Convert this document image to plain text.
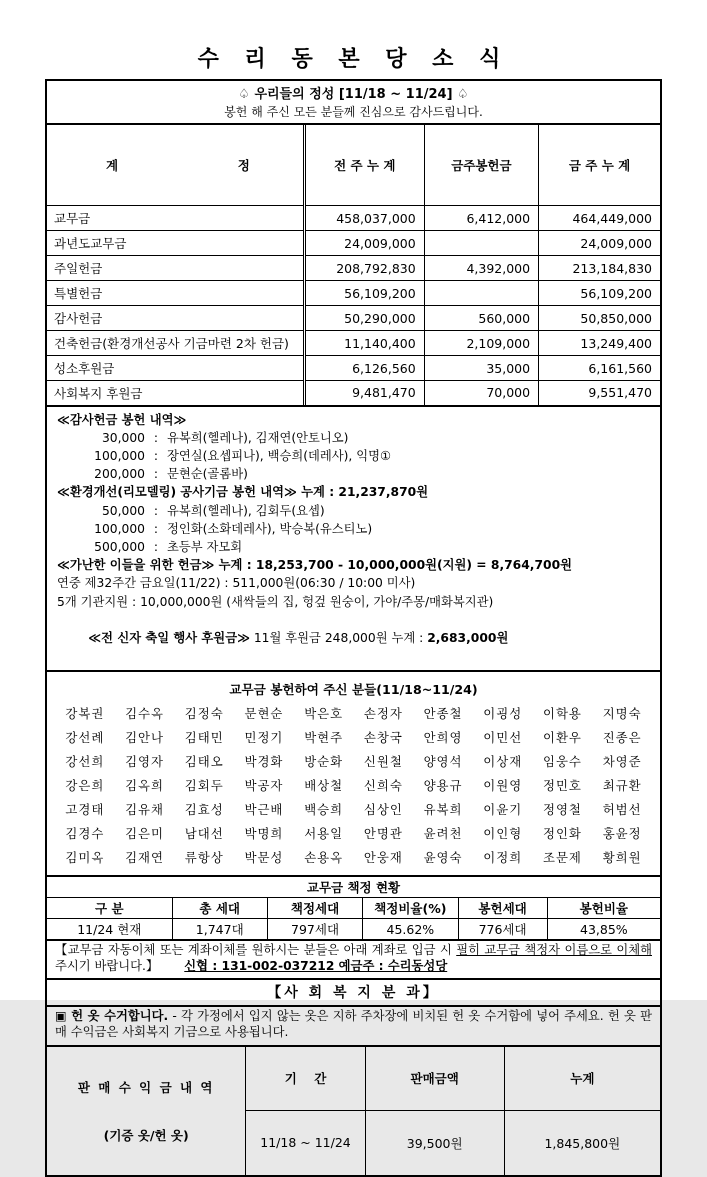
수 리 동 본 당 소 식
♤ 우리들의 정성 [11/18 ~ 11/24] ♤
봉헌 해 주신 모든 분들께 진심으로 감사드립니다.

계 정	전 주 누 계	금주봉헌금	금 주 누 계
교무금	458,037,000	6,412,000	464,449,000
과년도교무금	24,009,000		24,009,000
주일헌금	208,792,830	4,392,000	213,184,830
특별헌금	56,109,200		56,109,200
감사헌금	50,290,000	560,000	50,850,000
건축헌금(환경개선공사 기금마련 2차 헌금)	11,140,400	2,109,000	13,249,400
성소후원금	6,126,560	35,000	6,161,560
사회복지 후원금	9,481,470	70,000	9,551,470
≪감사헌금 봉헌 내역≫
30,000 : 유복희(헬레나), 김재연(안토니오)
100,000 : 장연실(요셉피나), 백승희(데레사), 익명①
200,000 : 문현순(골롬바)
≪환경개선(리모델링) 공사기금 봉헌 내역≫ 누계 : 21,237,870원
50,000 : 유복희(헬레나), 김회두(요셉)
100,000 : 정인화(소화데레사), 박승복(유스티노)
500,000 : 초등부 자모회
≪가난한 이들을 위한 헌금≫ 누계 : 18,253,700 - 10,000,000원(지원) = 8,764,700원
연중 제32주간 금요일(11/22) : 511,000원(06:30 / 10:00 미사)
5개 기관지원 : 10,000,000원 (새싹들의 집, 헝겊 원숭이, 가야/주몽/매화복지관)

≪전 신자 축일 행사 후원금≫ 11월 후원금 248,000원 누계 : 2,683,000원

교무금 봉헌하여 주신 분들(11/18~11/24)
강복권	김수옥	김정숙	문현순	박은호	손정자	안종철	이굉성	이학용	지명숙
강선례	김안나	김태민	민정기	박현주	손창국	안희영	이민선	이환우	진종은
강선희	김영자	김태오	박경화	방순화	신원철	양영석	이상재	임웅수	차영준
강은희	김옥희	김회두	박공자	배상철	신희숙	양용규	이원영	정민호	최규환
고경태	김유채	김효성	박근배	백승희	심상인	유복희	이윤기	정영철	허범선
김경수	김은미	남대선	박명희	서용일	안명관	윤려천	이인형	정인화	홍윤정
김미옥	김재연	류항상	박문성	손용옥	안웅재	윤영숙	이정희	조문제	황희원
교무금 책정 현황					
구 분	총 세대	책정세대	책정비율(%)	봉헌세대	봉헌비율
11/24 현재	1,747대	797세대	45.62%	776세대	43,85%
【교무금 자동이체 또는 계좌이체를 원하시는 분들은 아래 계좌로 입금 시 필히 교무금 책정자 이름으로 이체해 주시기 바랍니다.】 신협 : 131-002-037212 예금주 : 수리동성당
【사 회 복 지 분 과】
▣ 헌 옷 수거합니다. - 각 가정에서 입지 않는 옷은 지하 주차장에 비치된 헌 옷 수거함에 넣어 주세요. 헌 옷 판매 수익금은 사회복지 기금으로 사용됩니다.

판 매 수 익 금 내 역

(기증 옷/헌 옷)	기    간	판매금액	누계
	11/18 ~ 11/24	39,500원	1,845,800원
